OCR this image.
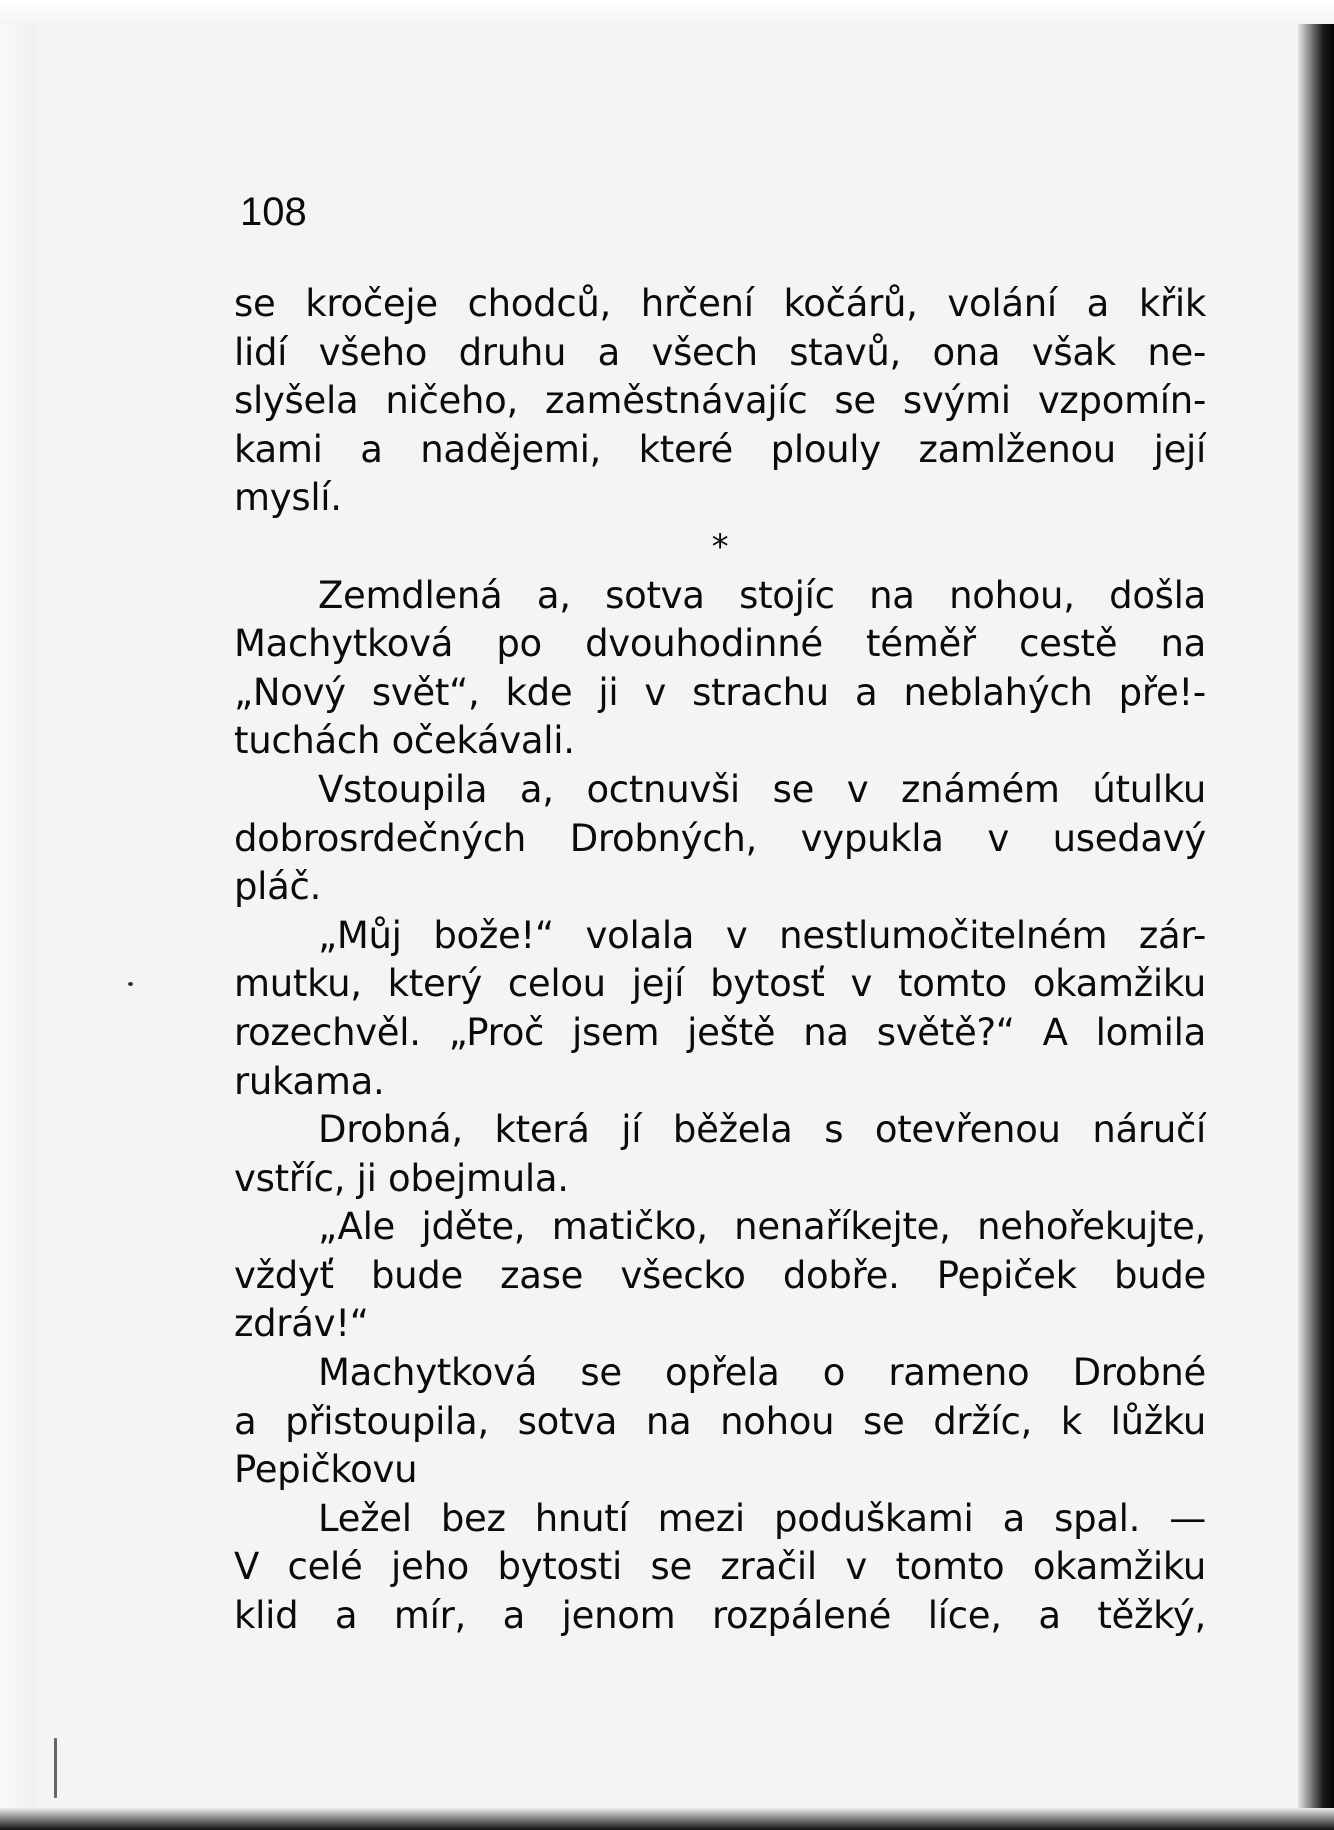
108

se kročeje chodců, hrčení kočárů, volání a křik
lidí všeho druhu a všech stavů, ona však ne-
slyšela ničeho, zaměstnávajíc se svými vzpomín-
kami a nadějemi, které plouly zamlženou její
myslí.
*
Zemdlená a, sotva stojíc na nohou, došla
Machytková po dvouhodinné téměř cestě na
„Nový svět“, kde ji v strachu a neblahých pře!-
tuchách očekávali.
Vstoupila a, octnuvši se v známém útulku
dobrosrdečných Drobných, vypukla v usedavý
pláč.
„Můj bože!“ volala v nestlumočitelném zár-
mutku, který celou její bytosť v tomto okamžiku
rozechvěl. „Proč jsem ještě na světě?“ A lomila
rukama.
Drobná, která jí běžela s otevřenou náručí
vstříc, ji obejmula.
„Ale jděte, matičko, nenaříkejte, nehořekujte,
vždyť bude zase všecko dobře. Pepiček bude
zdráv!“
Machytková se opřela o rameno Drobné
a přistoupila, sotva na nohou se držíc, k lůžku
Pepičkovu
Ležel bez hnutí mezi poduškami a spal. —
V celé jeho bytosti se zračil v tomto okamžiku
klid a mír, a jenom rozpálené líce, a těžký,
